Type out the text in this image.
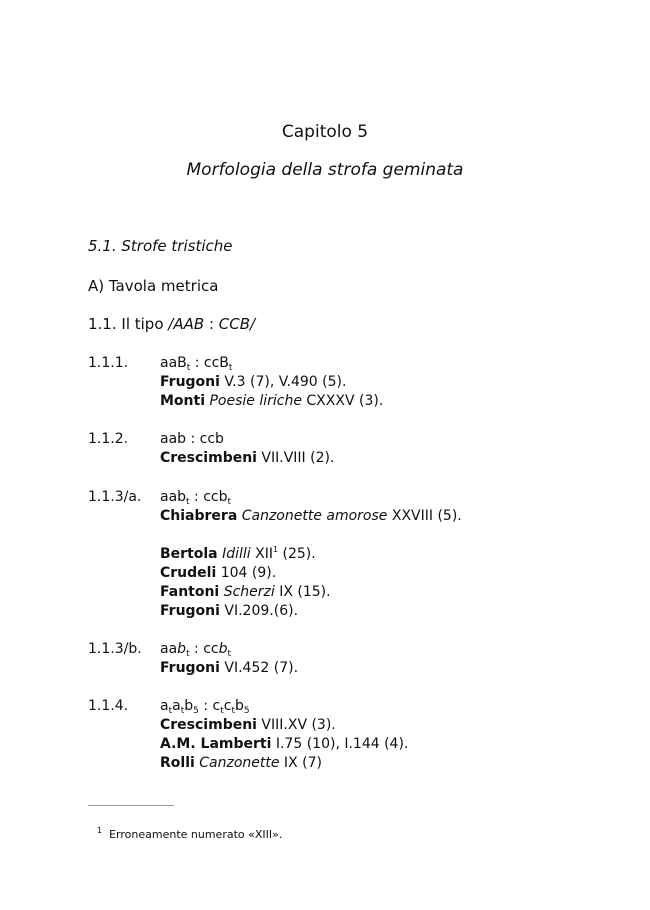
Capitolo 5
Morfologia della strofa geminata
5.1. Strofe tristiche
A) Tavola metrica
1.1. Il tipo /AAB : CCB/
1.1.1. aaB$_t$ : ccB$_t$
Frugoni V.3 (7), V.490 (5).
Monti Poesie liriche CXXXV (3).
1.1.2. aab : ccb
Crescimbeni VII.VIII (2).
1.1.3/a. aab$_t$ : ccb$_t$
Chiabrera Canzonette amorose XXVIII (5).
Bertola Idilli XII$^1$ (25).
Crudeli 104 (9).
Fantoni Scherzi IX (15).
Frugoni VI.209.(6).
1.1.3/b. aab$_t$ : ccb$_t$
Frugoni VI.452 (7).
1.1.4. $a_ta_tb_5$ : $c_tc_tb_5$
Crescimbeni VIII.XV (3).
A.M. Lamberti I.75 (10), I.144 (4).
Rolli Canzonette IX (7)
$^1$ Erroneamente numerato «XIII».
